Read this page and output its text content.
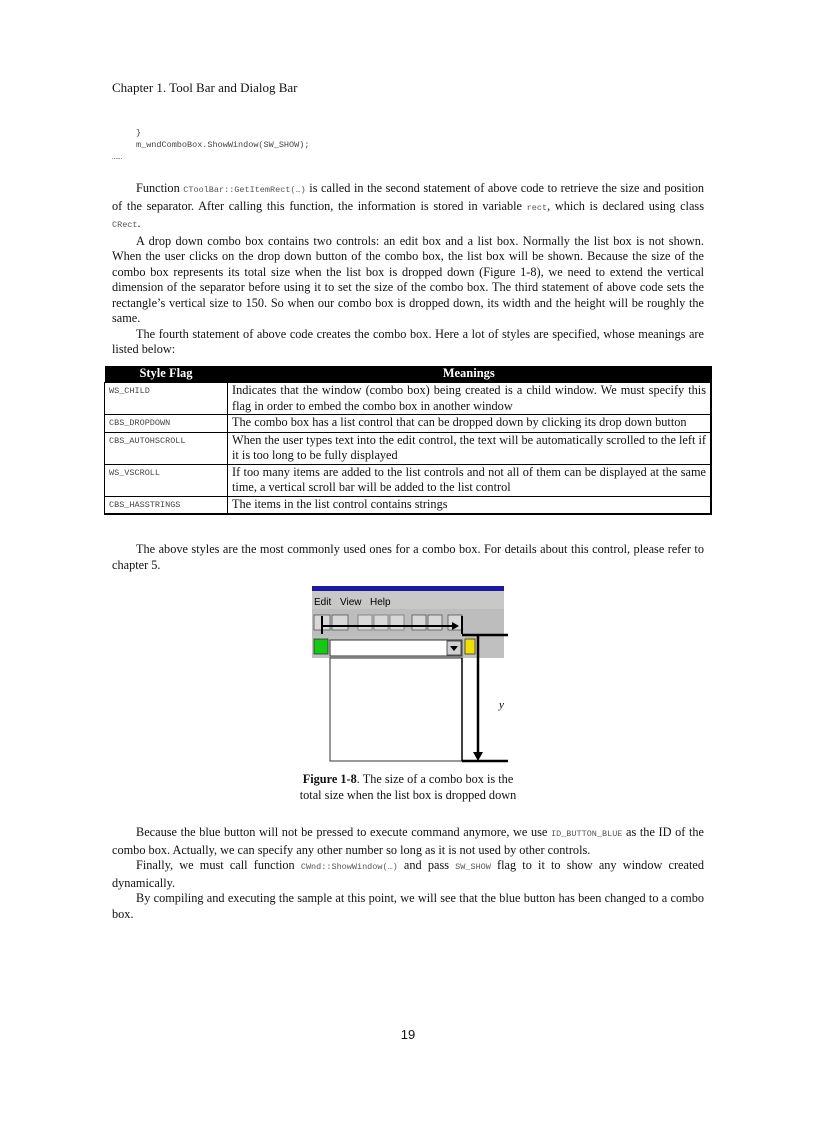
Chapter 1. Tool Bar and Dialog Bar
}
m_wndComboBox.ShowWindow(SW_SHOW);
……

Function CToolBar::GetItemRect(…) is called in the second statement of above code to retrieve the size and position of the separator. After calling this function, the information is stored in variable rect, which is declared using class CRect.

A drop down combo box contains two controls: an edit box and a list box. Normally the list box is not shown. When the user clicks on the drop down button of the combo box, the list box will be shown. Because the size of the combo box represents its total size when the list box is dropped down (Figure 1-8), we need to extend the vertical dimension of the separator before using it to set the size of the combo box. The third statement of above code sets the rectangle’s vertical size to 150. So when our combo box is dropped down, its width and the height will be roughly the same.

The fourth statement of above code creates the combo box. Here a lot of styles are specified, whose meanings are listed below:

Style Flag	Meanings
WS_CHILD	Indicates that the window (combo box) being created is a child window. We must specify this flag in order to embed the combo box in another window
CBS_DROPDOWN	The combo box has a list control that can be dropped down by clicking its drop down button
CBS_AUTOHSCROLL	When the user types text into the edit control, the text will be automatically scrolled to the left if it is too long to be fully displayed
WS_VSCROLL	If too many items are added to the list controls and not all of them can be displayed at the same time, a vertical scroll bar will be added to the list control
CBS_HASSTRINGS	The items in the list control contains strings

The above styles are the most commonly used ones for a combo box. For details about this control, please refer to chapter 5.

Edit View Help
y
Figure 1-8. The size of a combo box is the
total size when the list box is dropped down

Because the blue button will not be pressed to execute command anymore, we use ID_BUTTON_BLUE as the ID of the combo box. Actually, we can specify any other number so long as it is not used by other controls.

Finally, we must call function CWnd::ShowWindow(…) and pass SW_SHOW flag to it to show any window created dynamically.

By compiling and executing the sample at this point, we will see that the blue button has been changed to a combo box.

19
